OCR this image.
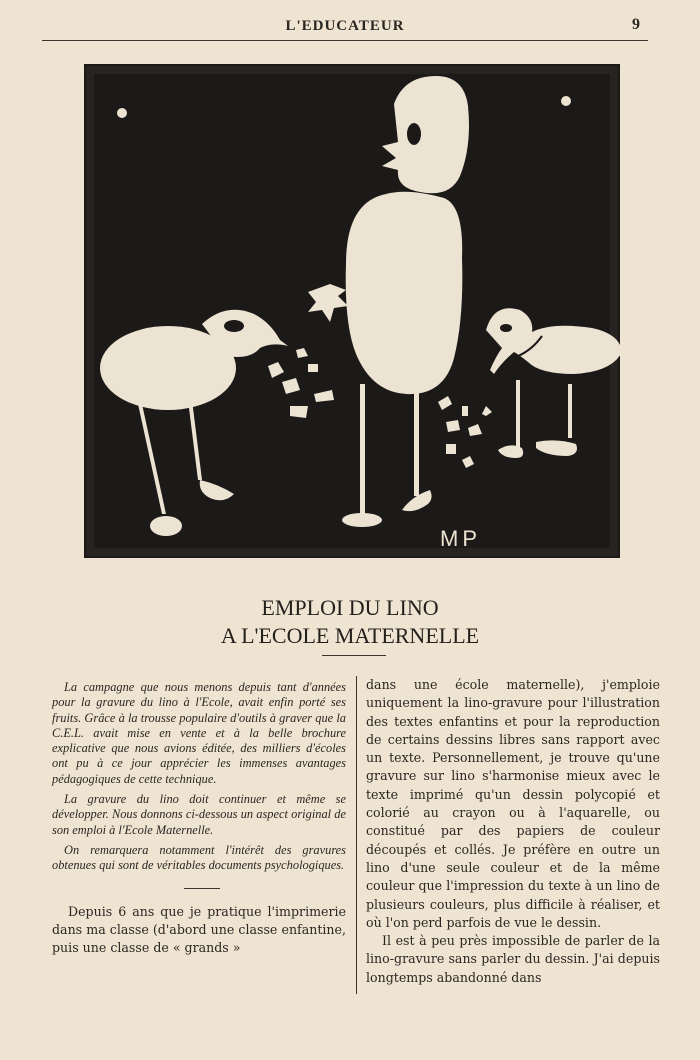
L'EDUCATEUR	9
MP
EMPLOI DU LINO
A L'ECOLE MATERNELLE

La campagne que nous menons depuis tant d'années pour la gravure du lino à l'Ecole, avait enfin porté ses fruits. Grâce à la trousse populaire d'outils à graver que la C.E.L. avait mise en vente et à la belle brochure explicative que nous avions éditée, des milliers d'écoles ont pu à ce jour apprécier les immenses avantages pédagogiques de cette technique.

La gravure du lino doit continuer et même se développer. Nous donnons ci-dessous un aspect original de son emploi à l'Ecole Maternelle.

On remarquera notamment l'intérêt des gravures obtenues qui sont de véritables documents psychologiques.

Depuis 6 ans que je pratique l'imprimerie dans ma classe (d'abord une classe enfantine, puis une classe de « grands »

dans une école maternelle), j'emploie uniquement la lino-gravure pour l'illustration des textes enfantins et pour la reproduction de certains dessins libres sans rapport avec un texte. Personnellement, je trouve qu'une gravure sur lino s'harmonise mieux avec le texte imprimé qu'un dessin polycopié et colorié au crayon ou à l'aquarelle, ou constitué par des papiers de couleur découpés et collés. Je préfère en outre un lino d'une seule couleur et de la même couleur que l'impression du texte à un lino de plusieurs couleurs, plus difficile à réaliser, et où l'on perd parfois de vue le dessin.

Il est à peu près impossible de parler de la lino-gravure sans parler du dessin. J'ai depuis longtemps abandonné dans
